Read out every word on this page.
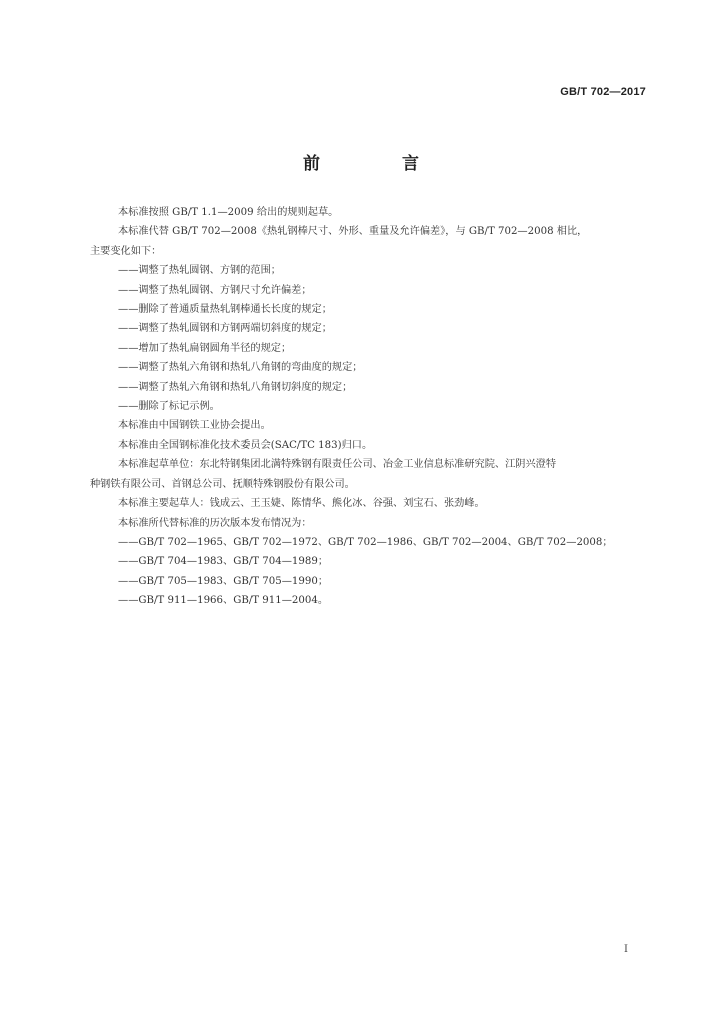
GB/T 702—2017
前 言

本标准按照 GB/T 1.1—2009 给出的规则起草。

本标准代替 GB/T 702—2008《热轧钢棒尺寸、外形、重量及允许偏差》，与 GB/T 702—2008 相比，

主要变化如下：

——调整了热轧圆钢、方钢的范围；

——调整了热轧圆钢、方钢尺寸允许偏差；

——删除了普通质量热轧钢棒通长长度的规定；

——调整了热轧圆钢和方钢两端切斜度的规定；

——增加了热轧扁钢圆角半径的规定；

——调整了热轧六角钢和热轧八角钢的弯曲度的规定；

——调整了热轧六角钢和热轧八角钢切斜度的规定；

——删除了标记示例。

本标准由中国钢铁工业协会提出。

本标准由全国钢标准化技术委员会(SAC/TC 183)归口。

本标准起草单位：东北特钢集团北满特殊钢有限责任公司、冶金工业信息标准研究院、江阴兴澄特

种钢铁有限公司、首钢总公司、抚顺特殊钢股份有限公司。

本标准主要起草人：钱成云、王玉婕、陈情华、熊化冰、谷强、刘宝石、张劲峰。

本标准所代替标准的历次版本发布情况为：

——GB/T 702—1965、GB/T 702—1972、GB/T 702—1986、GB/T 702—2004、GB/T 702—2008；

——GB/T 704—1983、GB/T 704—1989；

——GB/T 705—1983、GB/T 705—1990；

——GB/T 911—1966、GB/T 911—2004。

I
